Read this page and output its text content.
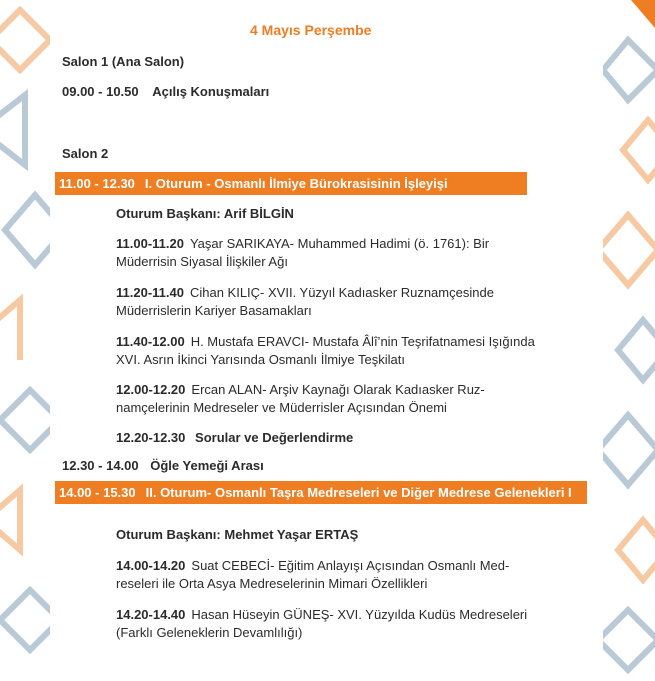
4 Mayıs Perşembe
Salon 1 (Ana Salon)
09.00 - 10.50 Açılış Konuşmaları
Salon 2
11.00 - 12.30 I. Oturum - Osmanlı İlmiye Bürokrasisinin İşleyişi
Oturum Başkanı: Arif BİLGİN
11.00-11.20 Yaşar SARIKAYA- Muhammed Hadimi (ö. 1761): Bir Müderrisin Siyasal İlişkiler Ağı
11.20-11.40 Cihan KILIÇ- XVII. Yüzyıl Kadıasker Ruznamçesinde Müderrislerin Kariyer Basamakları
11.40-12.00 H. Mustafa ERAVCI- Mustafa Âlî’nin Teşrifatnamesi Işığında XVI. Asrın İkinci Yarısında Osmanlı İlmiye Teşkilatı
12.00-12.20 Ercan ALAN- Arşiv Kaynağı Olarak Kadıasker Ruznamçelerinin Medreseler ve Müderrisler Açısından Önemi
12.20-12.30 Sorular ve Değerlendirme
12.30 - 14.00 Öğle Yemeği Arası
14.00 - 15.30 II. Oturum- Osmanlı Taşra Medreseleri ve Diğer Medrese Gelenekleri I
Oturum Başkanı: Mehmet Yaşar ERTAŞ
14.00-14.20 Suat CEBECİ- Eğitim Anlayışı Açısından Osmanlı Medreseleri ile Orta Asya Medreselerinin Mimari Özellikleri
14.20-14.40 Hasan Hüseyin GÜNEŞ- XVI. Yüzyılda Kudüs Medreseleri (Farklı Geleneklerin Devamlılığı)
